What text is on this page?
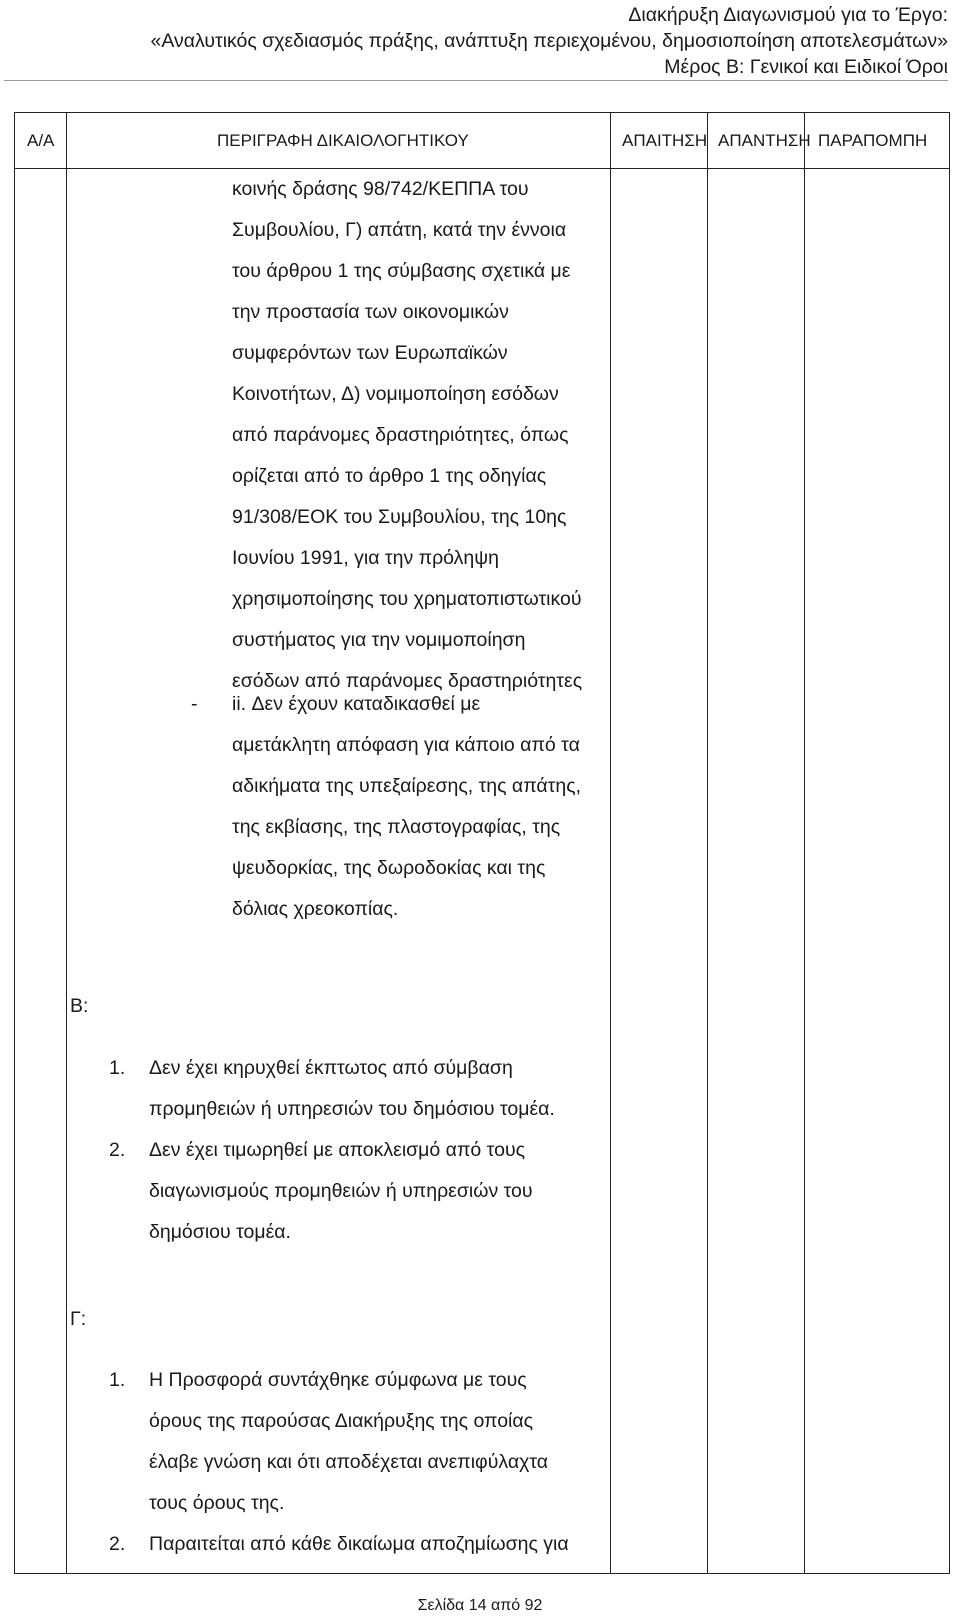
Διακήρυξη Διαγωνισμού για το Έργο:
«Αναλυτικός σχεδιασμός πράξης, ανάπτυξη περιεχομένου, δημοσιοποίηση αποτελεσμάτων»
Μέρος Β: Γενικοί και Ειδικοί Όροι
Α/Α	ΠΕΡΙΓΡΑΦΗ ΔΙΚΑΙΟΛΟΓΗΤΙΚΟΥ	ΑΠΑΙΤΗΣΗ ΑΠΑΝΤΗΣΗ ΠΑΡΑΠΟΜΠΗ
κοινής δράσης 98/742/ΚΕΠΠΑ του
Συμβουλίου, Γ) απάτη, κατά την έννοια
του άρθρου 1 της σύμβασης σχετικά με
την προστασία των οικονομικών
συμφερόντων των Ευρωπαϊκών
Κοινοτήτων, Δ) νομιμοποίηση εσόδων
από παράνομες δραστηριότητες, όπως
ορίζεται από το άρθρο 1 της οδηγίας
91/308/ΕΟΚ του Συμβουλίου, της 10ης
Ιουνίου 1991, για την πρόληψη
χρησιμοποίησης του χρηματοπιστωτικού
συστήματος για την νομιμοποίηση
εσόδων από παράνομες δραστηριότητες
- ii. Δεν έχουν καταδικασθεί με
αμετάκλητη απόφαση για κάποιο από τα
αδικήματα της υπεξαίρεσης, της απάτης,
της εκβίασης, της πλαστογραφίας, της
ψευδορκίας, της δωροδοκίας και της
δόλιας χρεοκοπίας.
Β:
1. Δεν έχει κηρυχθεί έκπτωτος από σύμβαση
προμηθειών ή υπηρεσιών του δημόσιου τομέα.
2. Δεν έχει τιμωρηθεί με αποκλεισμό από τους
διαγωνισμούς προμηθειών ή υπηρεσιών του
δημόσιου τομέα.
Γ:
1. Η Προσφορά συντάχθηκε σύμφωνα με τους
όρους της παρούσας Διακήρυξης της οποίας
έλαβε γνώση και ότι αποδέχεται ανεπιφύλαχτα
τους όρους της.
2. Παραιτείται από κάθε δικαίωμα αποζημίωσης για
Σελίδα 14 από 92
